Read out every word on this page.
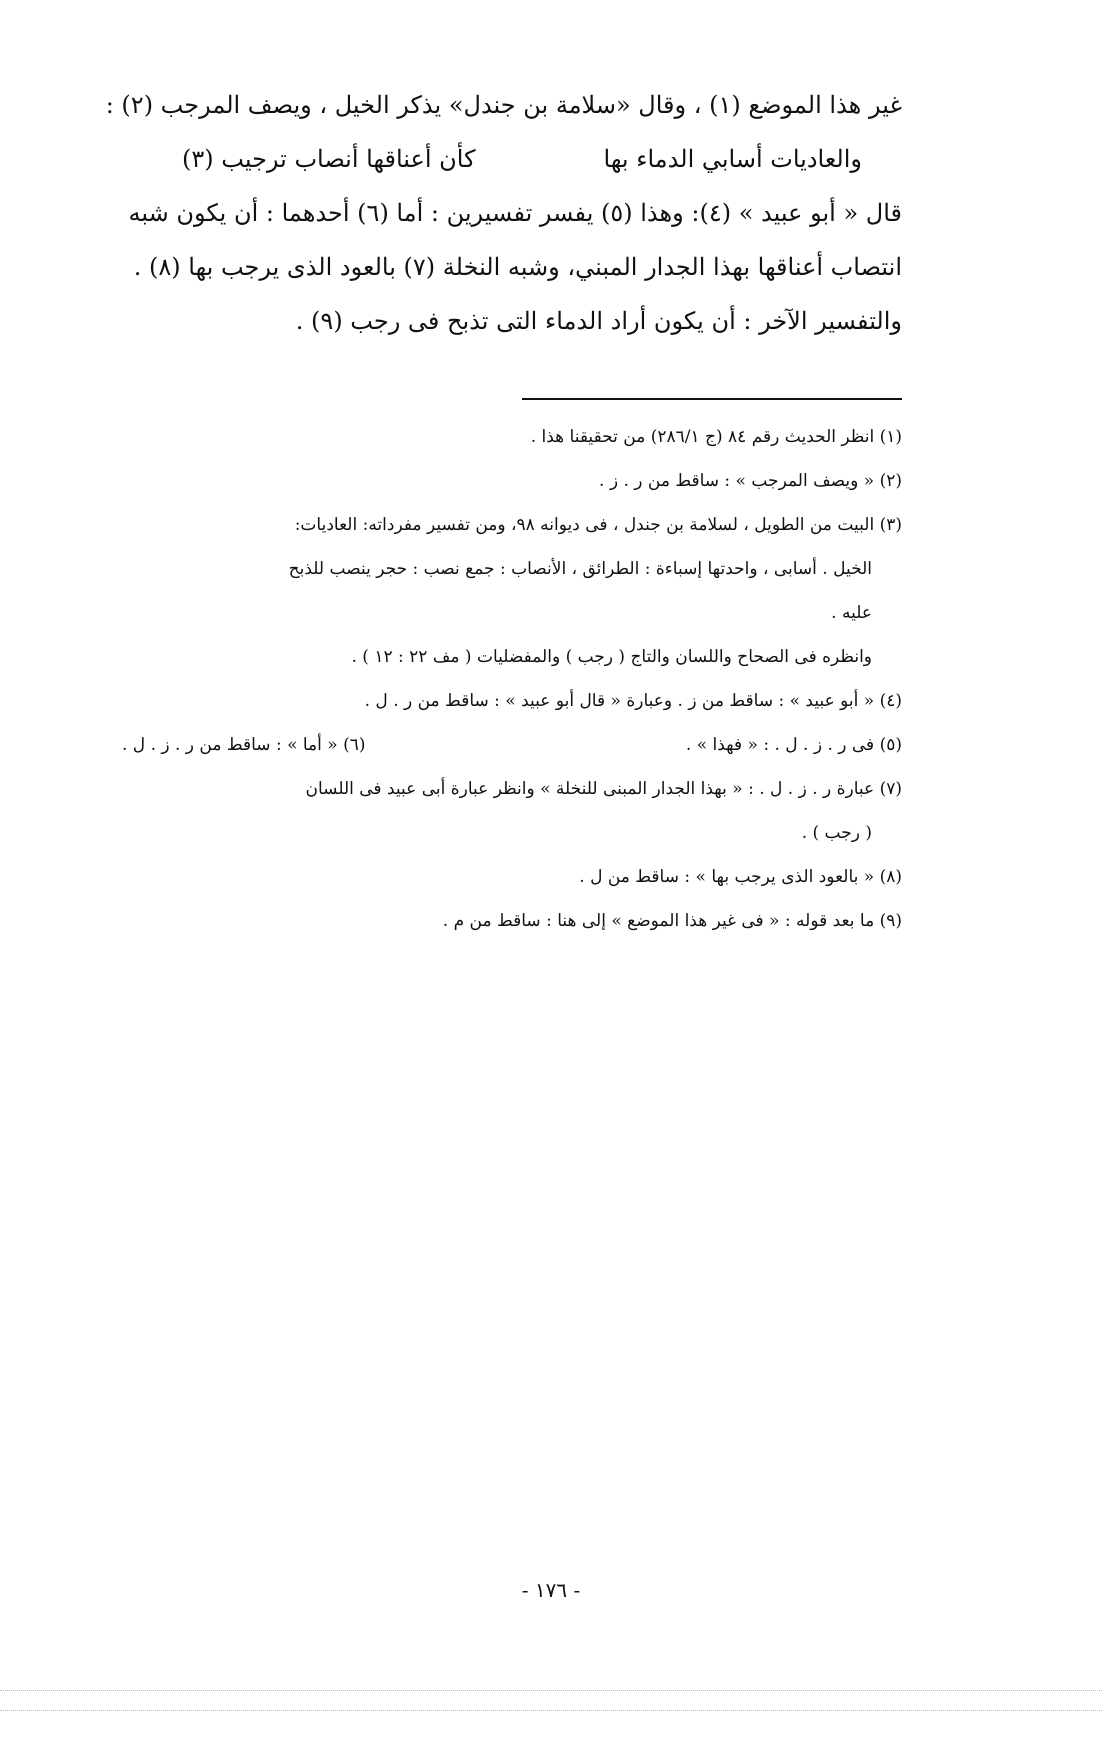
غير هذا الموضع (١) ، وقال «سلامة بن جندل» يذكر الخيل ، ويصف المرجب (٢) :
والعاديات أسابي الدماء بها
كأن أعناقها أنصاب ترجيب (٣)
قال « أبو عبيد » (٤): وهذا (٥) يفسر تفسيرين : أما (٦) أحدهما : أن يكون شبه
انتصاب أعناقها بهذا الجدار المبني، وشبه النخلة (٧) بالعود الذى يرجب بها (٨) .
والتفسير الآخر : أن يكون أراد الدماء التى تذبح فى رجب (٩) .
(١) انظر الحديث رقم ٨٤ (ج ٢٨٦/١) من تحقيقنا هذا .
(٢) « ويصف المرجب » : ساقط من ر . ز .
(٣) البيت من الطويل ، لسلامة بن جندل ، فى ديوانه ٩٨، ومن تفسير مفرداته: العاديات:
الخيل . أسابى ، واحدتها إسباءة : الطرائق ، الأنصاب : جمع نصب : حجر ينصب للذبح
عليه .
وانظره فى الصحاح واللسان والتاج ( رجب ) والمفضليات ( مف ٢٢ : ١٢ ) .
(٤) « أبو عبيد » : ساقط من ز . وعبارة « قال أبو عبيد » : ساقط من ر . ل .
(٥) فى ر . ز . ل . : « فهذا » .
(٦) « أما » : ساقط من ر . ز . ل .
(٧) عبارة ر . ز . ل . : « بهذا الجدار المبنى للنخلة » وانظر عبارة أبى عبيد فى اللسان
( رجب ) .
(٨) « بالعود الذى يرجب بها » : ساقط من ل .
(٩) ما بعد قوله : « فى غير هذا الموضع » إلى هنا : ساقط من م .
- ١٧٦ -
